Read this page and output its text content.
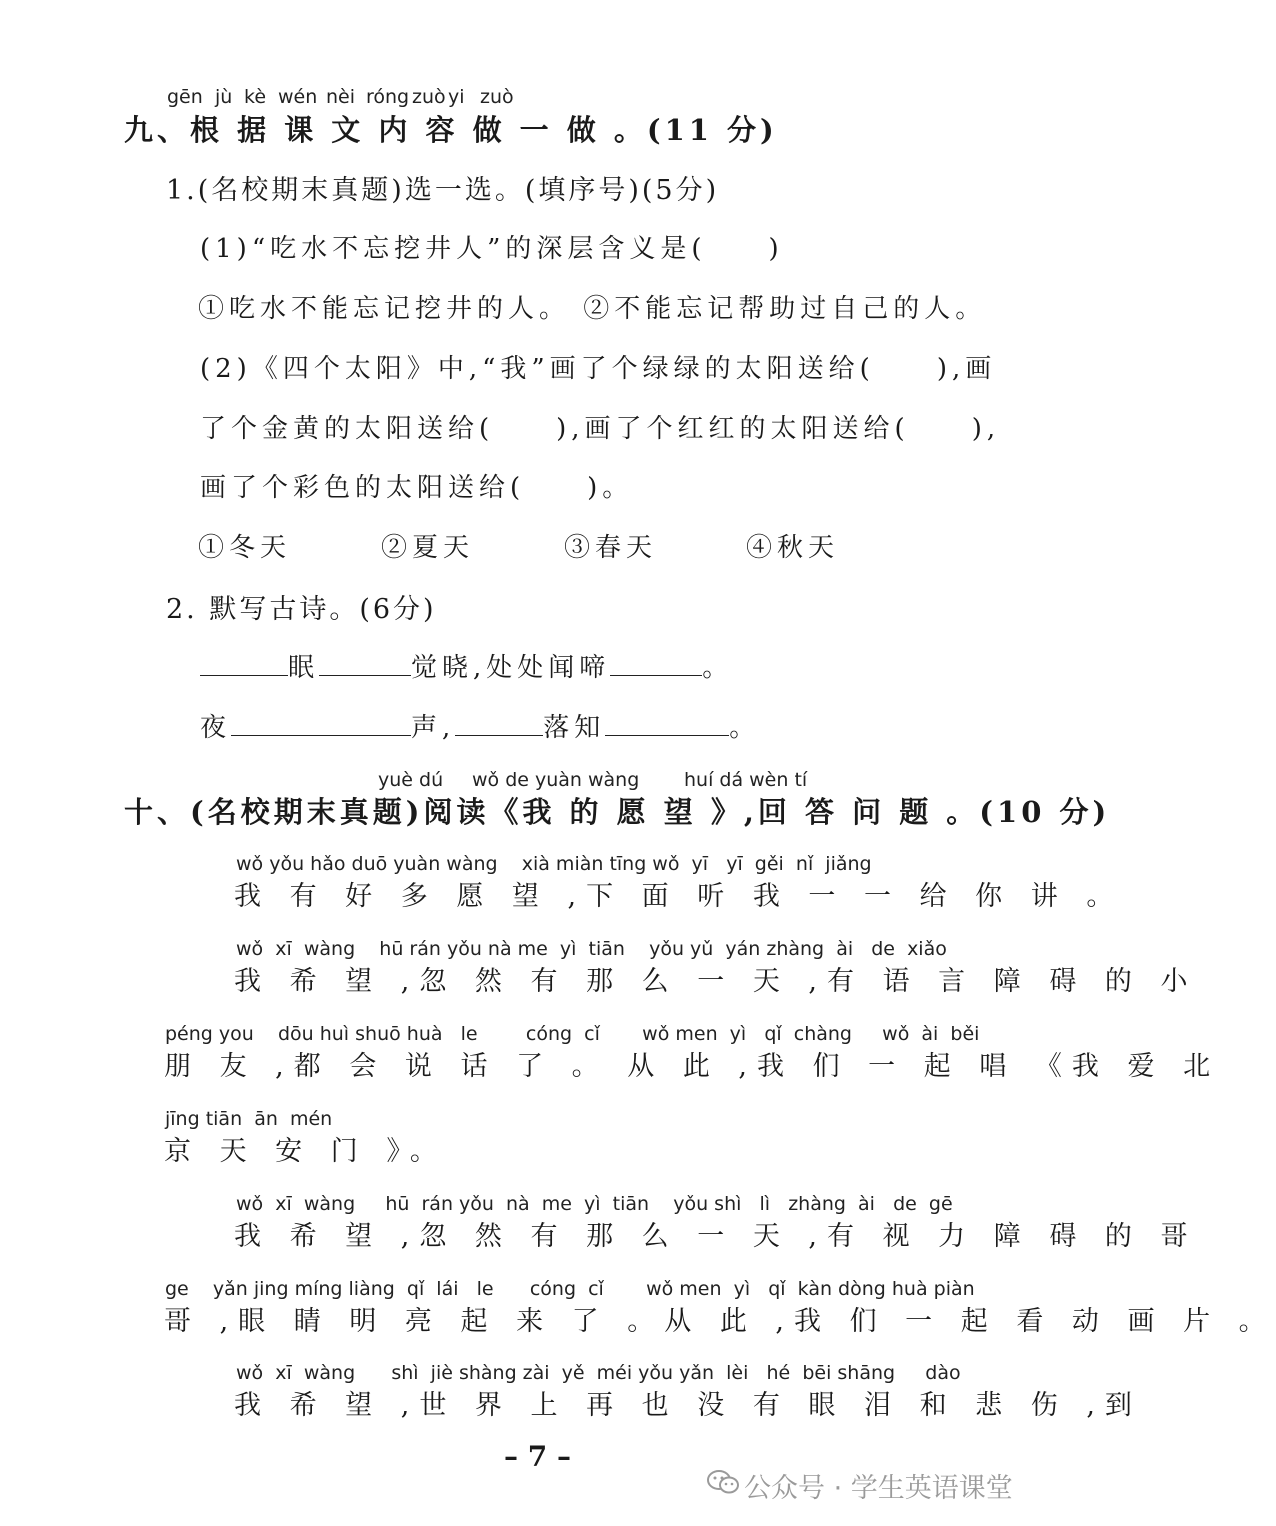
gēn jù kè wén nèi róng zuò yi zuò
九、根 据 课 文 内 容 做 一 做 。(11 分)
1.(名校期末真题)选一选。(填序号)(5分)
(1)“吃水不忘挖井人”的深层含义是(　　)
①吃水不能忘记挖井的人。 ②不能忘记帮助过自己的人。
(2)《四个太阳》中,“我”画了个绿绿的太阳送给(　　),画
了个金黄的太阳送给(　　),画了个红红的太阳送给(　　),
画了个彩色的太阳送给(　　)。
①冬天	②夏天	③春天	④秋天
2. 默写古诗。(6分)
眠	觉晓,处处闻啼	。
夜	声,	落知	。
yuè dú wǒ de yuàn wàng huí dá wèn tí
十、(名校期末真题)阅读《我 的 愿 望 》,回 答 问 题 。(10 分)
wǒ yǒu hǎo duō yuàn wàng    xià miàn tīng wǒ  yī   yī  gěi  nǐ  jiǎng
我 有 好 多 愿 望 ,下 面 听 我 一 一 给 你 讲 。
wǒ  xī  wàng    hū rán yǒu nà me  yì  tiān    yǒu yǔ  yán zhàng  ài   de  xiǎo
我 希 望 ,忽 然 有 那 么 一 天 ,有 语 言 障 碍 的 小
péng you    dōu huì shuō huà   le        cóng  cǐ       wǒ men  yì   qǐ  chàng     wǒ  ài  běi
朋 友 ,都 会 说 话 了 。 从 此 ,我 们 一 起 唱 《我 爱 北
jīng tiān  ān  mén
京 天 安 门 》。
wǒ  xī  wàng     hū  rán yǒu  nà  me  yì  tiān    yǒu shì   lì   zhàng  ài   de  gē
我 希 望 ,忽 然 有 那 么 一 天 ,有 视 力 障 碍 的 哥
ge    yǎn jing míng liàng  qǐ  lái   le      cóng  cǐ       wǒ men  yì   qǐ  kàn dòng huà piàn
哥 ,眼 睛 明 亮 起 来 了 。从 此 ,我 们 一 起 看 动 画 片 。
wǒ  xī  wàng      shì  jiè shàng zài  yě  méi yǒu yǎn  lèi   hé  bēi shāng     dào
我 希 望 ,世 界 上 再 也 没 有 眼 泪 和 悲 伤 ,到
– 7 –
公众号 · 学生英语课堂
